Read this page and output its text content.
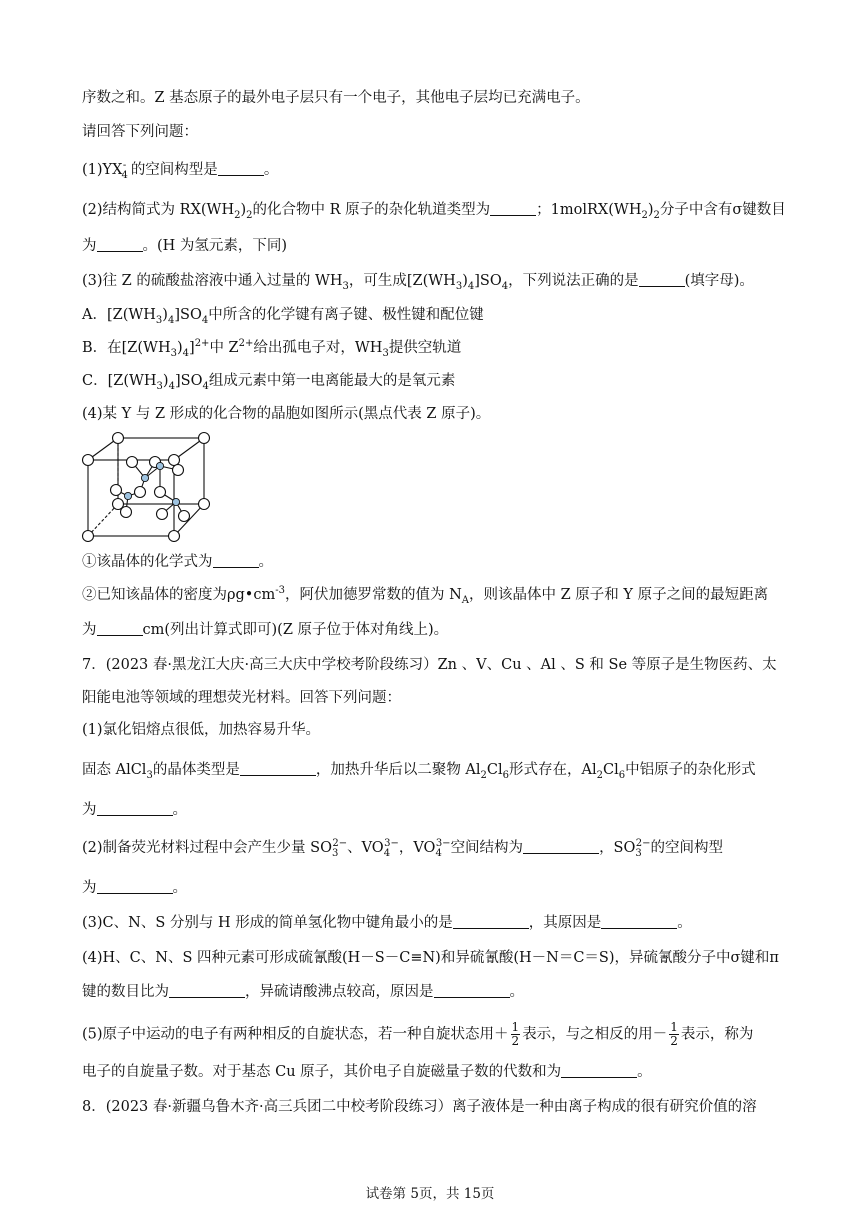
序数之和。Z 基态原子的最外电子层只有一个电子，其他电子层均已充满电子。
请回答下列问题：
$(1)YX_4^-$ 的空间构型是	。
(2)结构简式为 $RX(WH_2)_2$的化合物中 R 原子的杂化轨道类型为	；$1molRX(WH_2)_2$分子中含有σ键数目
为	。(H 为氢元素，下同)
(3)往 Z 的硫酸盐溶液中通入过量的 $WH_3$，可生成$[Z(WH_3)_4]SO_4$，下列说法正确的是	(填字母)。
A．$[Z(WH_3)_4]SO_4$中所含的化学键有离子键、极性键和配位键
B．在$[Z(WH_3)_4]^{2+}$中 $Z^{2+}$给出孤电子对，$WH_3$提供空轨道
C．$[Z(WH_3)_4]SO_4$组成元素中第一电离能最大的是氧元素
(4)某 Y 与 Z 形成的化合物的晶胞如图所示(黑点代表 Z 原子)。
①该晶体的化学式为	。
②已知该晶体的密度为$\rho g•cm^{-3}$，阿伏加德罗常数的值为 $N_A$，则该晶体中 Z 原子和 Y 原子之间的最短距离
为	cm(列出计算式即可)(Z 原子位于体对角线上)。
7．(2023 春·黑龙江大庆·高三大庆中学校考阶段练习）Zn 、V、Cu 、Al 、S 和 Se 等原子是生物医药、太
阳能电池等领域的理想荧光材料。回答下列问题：
(1)氯化铝熔点很低，加热容易升华。
固态 AlCl$_3$的晶体类型是	，加热升华后以二聚物 $Al_2Cl_6$形式存在，$Al_2Cl_6$中铝原子的杂化形式
为	。
(2)制备荧光材料过程中会产生少量 $SO_3^{2-}$、$VO_4^{3-}$，$VO_4^{3-}$空间结构为	，$SO_3^{2-}$的空间构型
为	。
(3)C、N、S 分别与 H 形成的简单氢化物中键角最小的是	，其原因是	。
(4)H、C、N、S 四种元素可形成硫氰酸(H－S－C≡N)和异硫氰酸(H－N＝C＝S)，异硫氰酸分子中σ键和π
键的数目比为	，异硫请酸沸点较高，原因是	。
(5)原子中运动的电子有两种相反的自旋状态，若一种自旋状态用＋ $\frac{1}{2}$ 表示，与之相反的用－ $\frac{1}{2}$ 表示，称为
电子的自旋量子数。对于基态 Cu 原子，其价电子自旋磁量子数的代数和为	。
8．(2023 春·新疆乌鲁木齐·高三兵团二中校考阶段练习）离子液体是一种由离子构成的很有研究价值的溶
试卷第 5页，共 15页
